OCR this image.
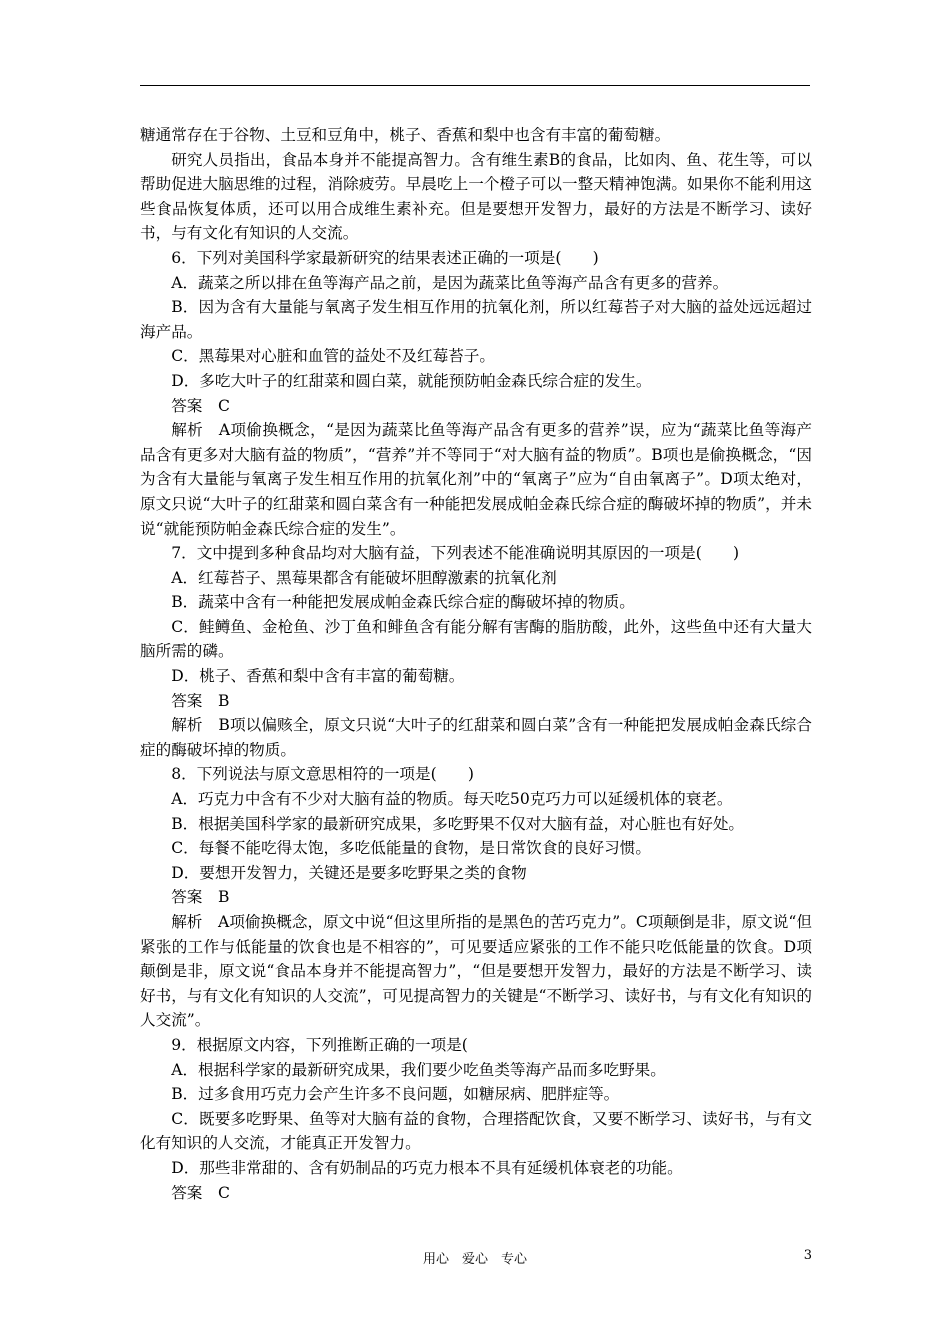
糖通常存在于谷物、土豆和豆角中，桃子、香蕉和梨中也含有丰富的葡萄糖。

研究人员指出，食品本身并不能提高智力。含有维生素B的食品，比如肉、鱼、花生等，可以帮助促进大脑思维的过程，消除疲劳。早晨吃上一个橙子可以一整天精神饱满。如果你不能利用这些食品恢复体质，还可以用合成维生素补充。但是要想开发智力，最好的方法是不断学习、读好书，与有文化有知识的人交流。

6．下列对美国科学家最新研究的结果表述正确的一项是(　　)

A．蔬菜之所以排在鱼等海产品之前，是因为蔬菜比鱼等海产品含有更多的营养。

B．因为含有大量能与氧离子发生相互作用的抗氧化剂，所以红莓苔子对大脑的益处远远超过海产品。

C．黑莓果对心脏和血管的益处不及红莓苔子。

D．多吃大叶子的红甜菜和圆白菜，就能预防帕金森氏综合症的发生。

答案　C

解析　A项偷换概念，“是因为蔬菜比鱼等海产品含有更多的营养”误，应为“蔬菜比鱼等海产品含有更多对大脑有益的物质”，“营养”并不等同于“对大脑有益的物质”。B项也是偷换概念，“因为含有大量能与氧离子发生相互作用的抗氧化剂”中的“氧离子”应为“自由氧离子”。D项太绝对，原文只说“大叶子的红甜菜和圆白菜含有一种能把发展成帕金森氏综合症的酶破坏掉的物质”，并未说“就能预防帕金森氏综合症的发生”。

7．文中提到多种食品均对大脑有益，下列表述不能准确说明其原因的一项是(　　)

A．红莓苔子、黑莓果都含有能破坏胆醇激素的抗氧化剂

B．蔬菜中含有一种能把发展成帕金森氏综合症的酶破坏掉的物质。

C．鲑鳟鱼、金枪鱼、沙丁鱼和鲱鱼含有能分解有害酶的脂肪酸，此外，这些鱼中还有大量大脑所需的磷。

D．桃子、香蕉和梨中含有丰富的葡萄糖。

答案　B

解析　B项以偏赅全，原文只说“大叶子的红甜菜和圆白菜”含有一种能把发展成帕金森氏综合症的酶破坏掉的物质。

8．下列说法与原文意思相符的一项是(　　)

A．巧克力中含有不少对大脑有益的物质。每天吃50克巧力可以延缓机体的衰老。

B．根据美国科学家的最新研究成果，多吃野果不仅对大脑有益，对心脏也有好处。

C．每餐不能吃得太饱，多吃低能量的食物，是日常饮食的良好习惯。

D．要想开发智力，关键还是要多吃野果之类的食物

答案　B

解析　A项偷换概念，原文中说“但这里所指的是黑色的苦巧克力”。C项颠倒是非，原文说“但紧张的工作与低能量的饮食也是不相容的”，可见要适应紧张的工作不能只吃低能量的饮食。D项颠倒是非，原文说“食品本身并不能提高智力”，“但是要想开发智力，最好的方法是不断学习、读好书，与有文化有知识的人交流”，可见提高智力的关键是“不断学习、读好书，与有文化有知识的人交流”。

9．根据原文内容，下列推断正确的一项是(

A．根据科学家的最新研究成果，我们要少吃鱼类等海产品而多吃野果。

B．过多食用巧克力会产生许多不良问题，如糖尿病、肥胖症等。

C．既要多吃野果、鱼等对大脑有益的食物，合理搭配饮食，又要不断学习、读好书，与有文化有知识的人交流，才能真正开发智力。

D．那些非常甜的、含有奶制品的巧克力根本不具有延缓机体衰老的功能。

答案　C

用心　爱心　专心	3
